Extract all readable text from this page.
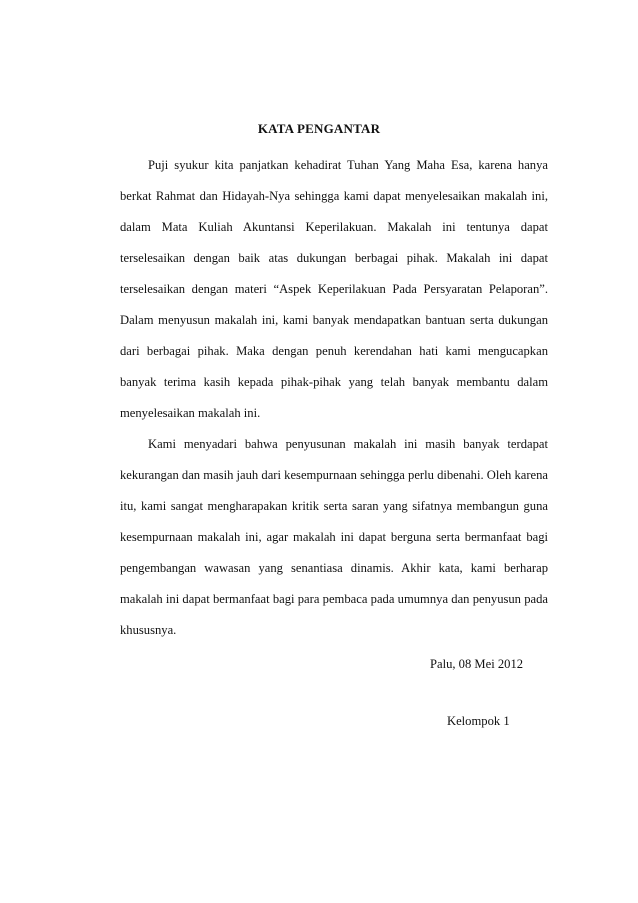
KATA PENGANTAR

Puji syukur kita panjatkan kehadirat Tuhan Yang Maha Esa, karena hanya berkat Rahmat dan Hidayah-Nya sehingga kami dapat menyelesaikan makalah ini, dalam Mata Kuliah Akuntansi Keperilakuan. Makalah ini tentunya dapat terselesaikan dengan baik atas dukungan berbagai pihak. Makalah ini dapat terselesaikan dengan materi “Aspek Keperilakuan Pada Persyaratan Pelaporan”. Dalam menyusun makalah ini, kami banyak mendapatkan bantuan serta dukungan dari berbagai pihak. Maka dengan penuh kerendahan hati kami mengucapkan banyak terima kasih kepada pihak-pihak yang telah banyak membantu dalam menyelesaikan makalah ini.

Kami menyadari bahwa penyusunan makalah ini masih banyak terdapat kekurangan dan masih jauh dari kesempurnaan sehingga perlu dibenahi. Oleh karena itu, kami sangat mengharapakan kritik serta saran yang sifatnya membangun guna kesempurnaan makalah ini, agar makalah ini dapat berguna serta bermanfaat bagi pengembangan wawasan yang senantiasa dinamis. Akhir kata, kami berharap makalah ini dapat bermanfaat bagi para pembaca pada umumnya dan penyusun pada khususnya.

Palu, 08 Mei 2012
Kelompok 1
